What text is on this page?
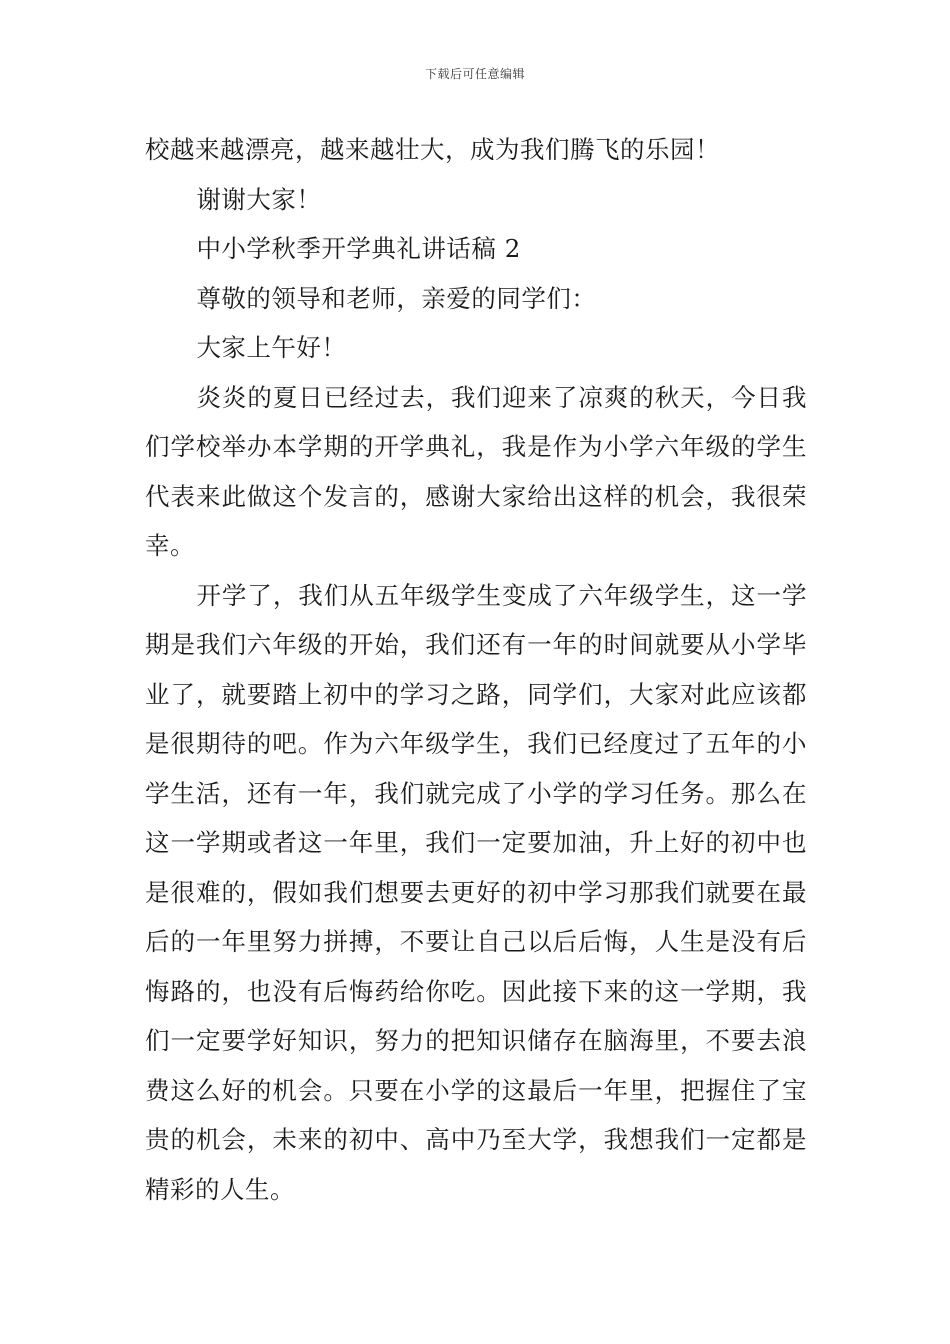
下载后可任意编辑

校越来越漂亮，越来越壮大，成为我们腾飞的乐园！

谢谢大家！

中小学秋季开学典礼讲话稿 2

尊敬的领导和老师，亲爱的同学们：

大家上午好！

炎炎的夏日已经过去，我们迎来了凉爽的秋天，今日我们学校举办本学期的开学典礼，我是作为小学六年级的学生代表来此做这个发言的，感谢大家给出这样的机会，我很荣幸。

开学了，我们从五年级学生变成了六年级学生，这一学期是我们六年级的开始，我们还有一年的时间就要从小学毕业了，就要踏上初中的学习之路，同学们，大家对此应该都是很期待的吧。作为六年级学生，我们已经度过了五年的小学生活，还有一年，我们就完成了小学的学习任务。那么在这一学期或者这一年里，我们一定要加油，升上好的初中也是很难的，假如我们想要去更好的初中学习那我们就要在最后的一年里努力拼搏，不要让自己以后后悔，人生是没有后悔路的，也没有后悔药给你吃。因此接下来的这一学期，我们一定要学好知识，努力的把知识储存在脑海里，不要去浪费这么好的机会。只要在小学的这最后一年里，把握住了宝贵的机会，未来的初中、高中乃至大学，我想我们一定都是精彩的人生。
